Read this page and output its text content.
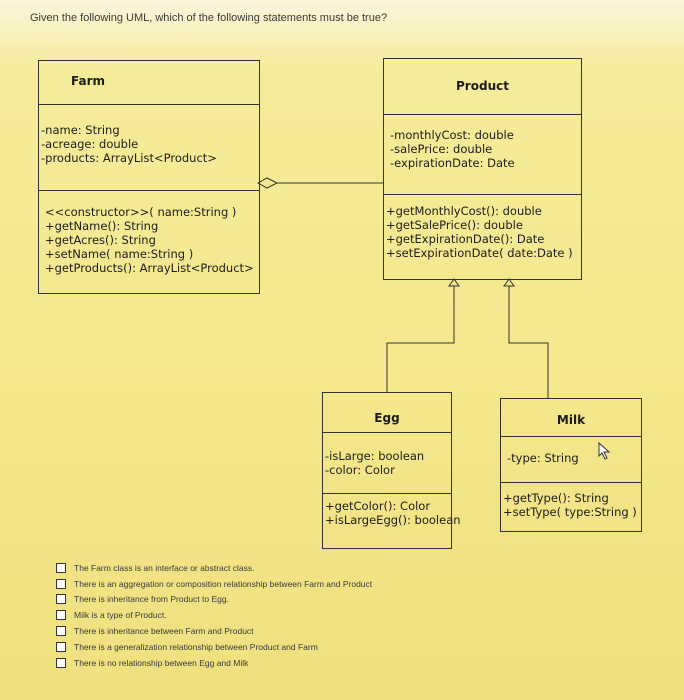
Given the following UML, which of the following statements must be true?
Farm
-name: String
-acreage: double
-products: ArrayList<Product>
<<constructor>>( name:String )
+getName(): String
+getAcres(): String
+setName( name:String )
+getProducts(): ArrayList<Product>
Product
-monthlyCost: double
-salePrice: double
-expirationDate: Date
+getMonthlyCost(): double
+getSalePrice(): double
+getExpirationDate(): Date
+setExpirationDate( date:Date )
Egg
-isLarge: boolean
-color: Color
+getColor(): Color
+isLargeEgg(): boolean
Milk
-type: String
+getType(): String
+setType( type:String )
The Farm class is an interface or abstract class.
There is an aggregation or composition relationship between Farm and Product
There is inheritance from Product to Egg.
Milk is a type of Product.
There is inheritance between Farm and Product
There is a generalization relationship between Product and Farm
There is no relationship between Egg and Milk
